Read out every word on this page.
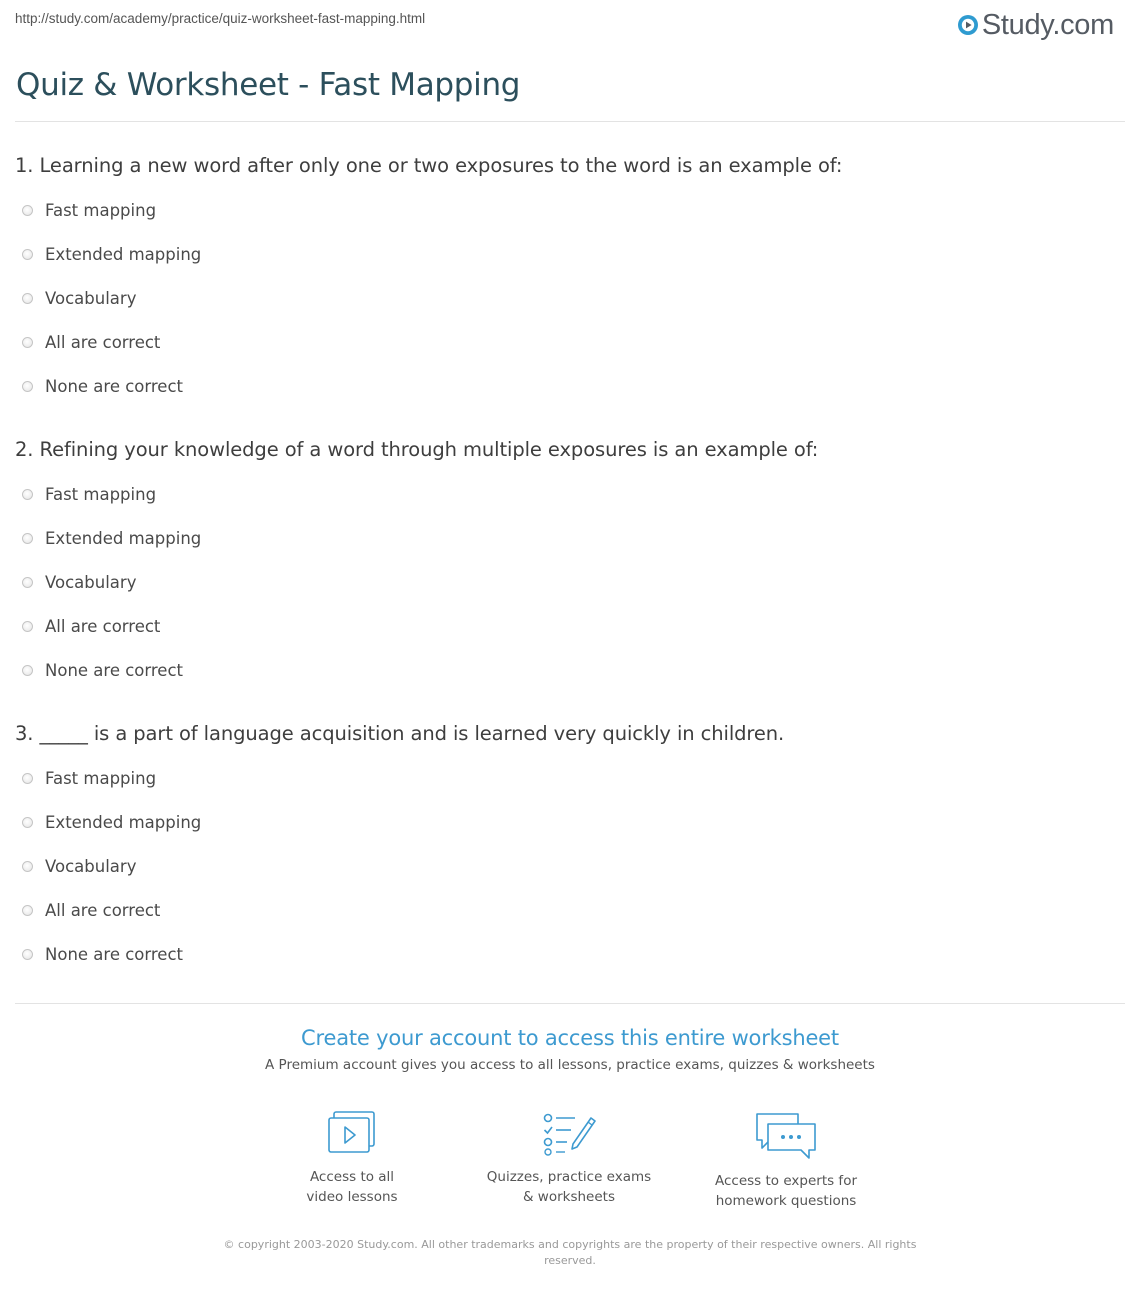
http://study.com/academy/practice/quiz-worksheet-fast-mapping.html	Study.com
Quiz & Worksheet - Fast Mapping
1. Learning a new word after only one or two exposures to the word is an example of:
Fast mapping
Extended mapping
Vocabulary
All are correct
None are correct
2. Refining your knowledge of a word through multiple exposures is an example of:
Fast mapping
Extended mapping
Vocabulary
All are correct
None are correct
3. _____ is a part of language acquisition and is learned very quickly in children.
Fast mapping
Extended mapping
Vocabulary
All are correct
None are correct
Create your account to access this entire worksheet
A Premium account gives you access to all lessons, practice exams, quizzes & worksheets
Access to all
video lessons
Quizzes, practice exams
& worksheets
Access to experts for
homework questions
© copyright 2003-2020 Study.com. All other trademarks and copyrights are the property of their respective owners. All rights reserved.
